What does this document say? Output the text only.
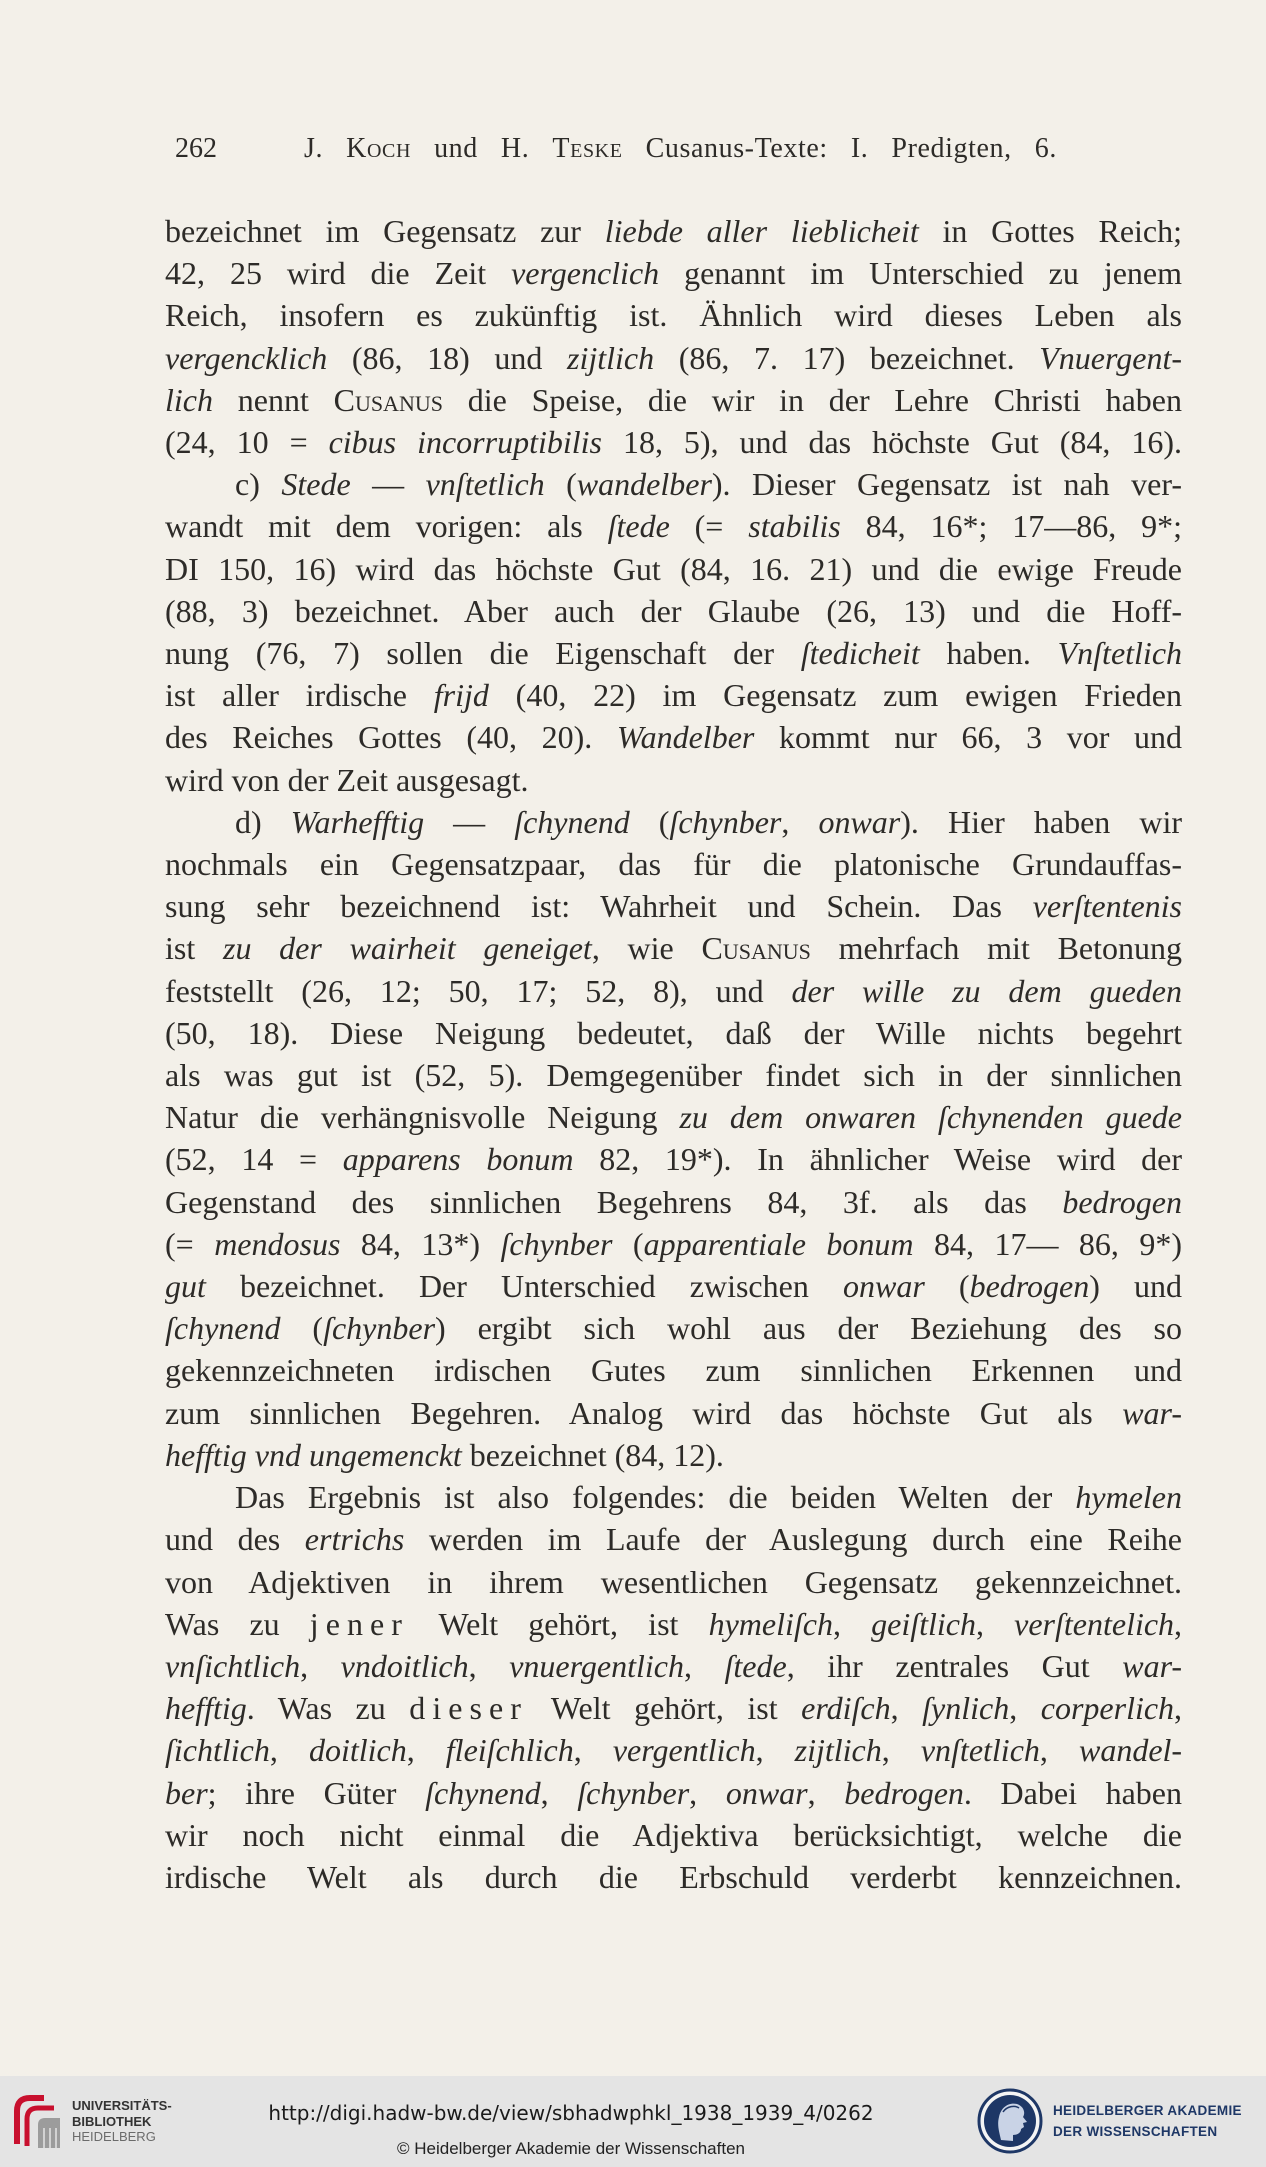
262	J. Koch und H. Teske Cusanus-Texte: I. Predigten, 6.
bezeichnet im Gegensatz zur liebde aller lieblicheit in Gottes Reich;
42, 25 wird die Zeit vergenclich genannt im Unterschied zu jenem
Reich, insofern es zukünftig ist. Ähnlich wird dieses Leben als
vergencklich (86, 18) und zijtlich (86, 7. 17) bezeichnet. Vnuergent-
lich nennt Cusanus die Speise, die wir in der Lehre Christi haben
(24, 10 = cibus incorruptibilis 18, 5), und das höchste Gut (84, 16).
c) Stede — vnſtetlich (wandelber). Dieser Gegensatz ist nah ver-
wandt mit dem vorigen: als ſtede (= stabilis 84, 16*; 17—86, 9*;
DI 150, 16) wird das höchste Gut (84, 16. 21) und die ewige Freude
(88, 3) bezeichnet. Aber auch der Glaube (26, 13) und die Hoff-
nung (76, 7) sollen die Eigenschaft der ſtedicheit haben. Vnſtetlich
ist aller irdische frijd (40, 22) im Gegensatz zum ewigen Frieden
des Reiches Gottes (40, 20). Wandelber kommt nur 66, 3 vor und
wird von der Zeit ausgesagt.
d) Warhefftig — ſchynend (ſchynber, onwar). Hier haben wir
nochmals ein Gegensatzpaar, das für die platonische Grundauffas-
sung sehr bezeichnend ist: Wahrheit und Schein. Das verſtentenis
ist zu der wairheit geneiget, wie Cusanus mehrfach mit Betonung
feststellt (26, 12; 50, 17; 52, 8), und der wille zu dem gueden
(50, 18). Diese Neigung bedeutet, daß der Wille nichts begehrt
als was gut ist (52, 5). Demgegenüber findet sich in der sinnlichen
Natur die verhängnisvolle Neigung zu dem onwaren ſchynenden guede
(52, 14 = apparens bonum 82, 19*). In ähnlicher Weise wird der
Gegenstand des sinnlichen Begehrens 84, 3f. als das bedrogen
(= mendosus 84, 13*) ſchynber (apparentiale bonum 84, 17— 86, 9*)
gut bezeichnet. Der Unterschied zwischen onwar (bedrogen) und
ſchynend (ſchynber) ergibt sich wohl aus der Beziehung des so
gekennzeichneten irdischen Gutes zum sinnlichen Erkennen und
zum sinnlichen Begehren. Analog wird das höchste Gut als war-
hefftig vnd ungemenckt bezeichnet (84, 12).
Das Ergebnis ist also folgendes: die beiden Welten der hymelen
und des ertrichs werden im Laufe der Auslegung durch eine Reihe
von Adjektiven in ihrem wesentlichen Gegensatz gekennzeichnet.
Was zu jener Welt gehört, ist hymeliſch, geiſtlich, verſtentelich,
vnſichtlich, vndoitlich, vnuergentlich, ſtede, ihr zentrales Gut war-
hefftig. Was zu dieser Welt gehört, ist erdiſch, ſynlich, corperlich,
ſichtlich, doitlich, fleiſchlich, vergentlich, zijtlich, vnſtetlich, wandel-
ber; ihre Güter ſchynend, ſchynber, onwar, bedrogen. Dabei haben
wir noch nicht einmal die Adjektiva berücksichtigt, welche die
irdische Welt als durch die Erbschuld verderbt kennzeichnen.
UNIVERSITÄTS-
BIBLIOTHEK
HEIDELBERG
http://digi.hadw-bw.de/view/sbhadwphkl_1938_1939_4/0262
© Heidelberger Akademie der Wissenschaften
HEIDELBERGER AKADEMIE
DER WISSENSCHAFTEN
